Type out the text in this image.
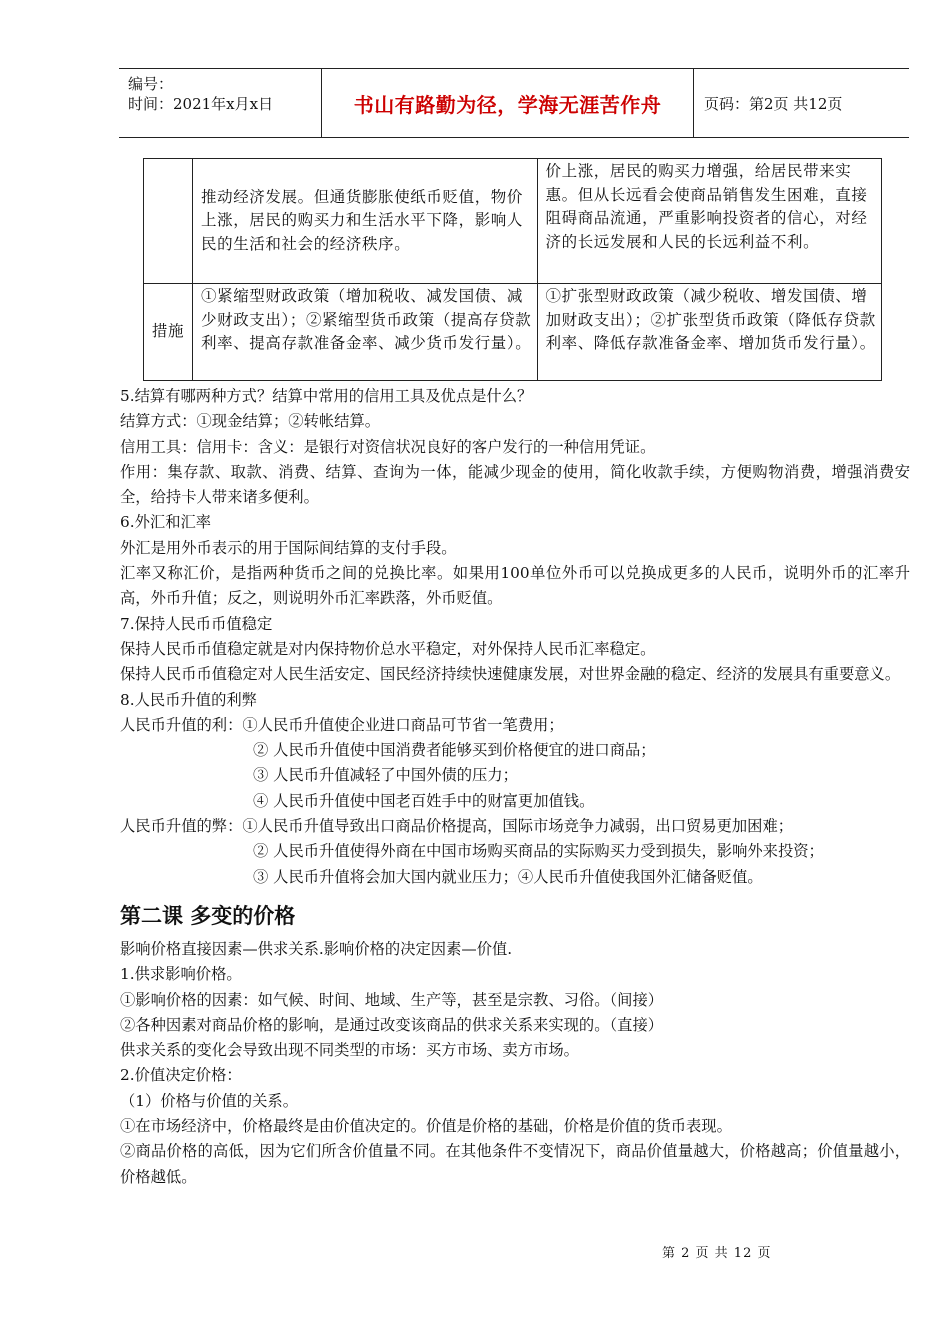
编号：
时间：2021年x月x日	书山有路勤为径，学海无涯苦作舟	页码：第2页 共12页
	推动经济发展。但通货膨胀使纸币贬值，物价上涨，居民的购买力和生活水平下降，影响人民的生活和社会的经济秩序。	价上涨，居民的购买力增强，给居民带来实惠。但从长远看会使商品销售发生困难，直接阻碍商品流通，严重影响投资者的信心，对经济的长远发展和人民的长远利益不利。
措施	①紧缩型财政政策（增加税收、减发国债、减少财政支出）；②紧缩型货币政策（提高存贷款利率、提高存款准备金率、减少货币发行量）。	①扩张型财政政策（减少税收、增发国债、增加财政支出）；②扩张型货币政策（降低存贷款利率、降低存款准备金率、增加货币发行量）。

5.结算有哪两种方式？结算中常用的信用工具及优点是什么？

结算方式：①现金结算；②转帐结算。

信用工具：信用卡：含义：是银行对资信状况良好的客户发行的一种信用凭证。

作用：集存款、取款、消费、结算、查询为一体，能减少现金的使用，简化收款手续，方便购物消费，增强消费安全，给持卡人带来诸多便利。

6.外汇和汇率

外汇是用外币表示的用于国际间结算的支付手段。

汇率又称汇价，是指两种货币之间的兑换比率。如果用100单位外币可以兑换成更多的人民币，说明外币的汇率升高，外币升值；反之，则说明外币汇率跌落，外币贬值。

7.保持人民币币值稳定

保持人民币币值稳定就是对内保持物价总水平稳定，对外保持人民币汇率稳定。

保持人民币币值稳定对人民生活安定、国民经济持续快速健康发展，对世界金融的稳定、经济的发展具有重要意义。

8.人民币升值的利弊

人民币升值的利：①人民币升值使企业进口商品可节省一笔费用；

② 人民币升值使中国消费者能够买到价格便宜的进口商品；

③ 人民币升值减轻了中国外债的压力；

④ 人民币升值使中国老百姓手中的财富更加值钱。

人民币升值的弊：①人民币升值导致出口商品价格提高，国际市场竞争力减弱，出口贸易更加困难；

② 人民币升值使得外商在中国市场购买商品的实际购买力受到损失，影响外来投资；

③ 人民币升值将会加大国内就业压力；④人民币升值使我国外汇储备贬值。

第二课 多变的价格

影响价格直接因素—供求关系.影响价格的决定因素—价值.

1.供求影响价格。

①影响价格的因素：如气候、时间、地域、生产等，甚至是宗教、习俗。（间接）

②各种因素对商品价格的影响，是通过改变该商品的供求关系来实现的。（直接）

供求关系的变化会导致出现不同类型的市场：买方市场、卖方市场。

2.价值决定价格：

（1）价格与价值的关系。

①在市场经济中，价格最终是由价值决定的。价值是价格的基础，价格是价值的货币表现。

②商品价格的高低，因为它们所含价值量不同。在其他条件不变情况下，商品价值量越大，价格越高；价值量越小，价格越低。

第 2 页 共 12 页
